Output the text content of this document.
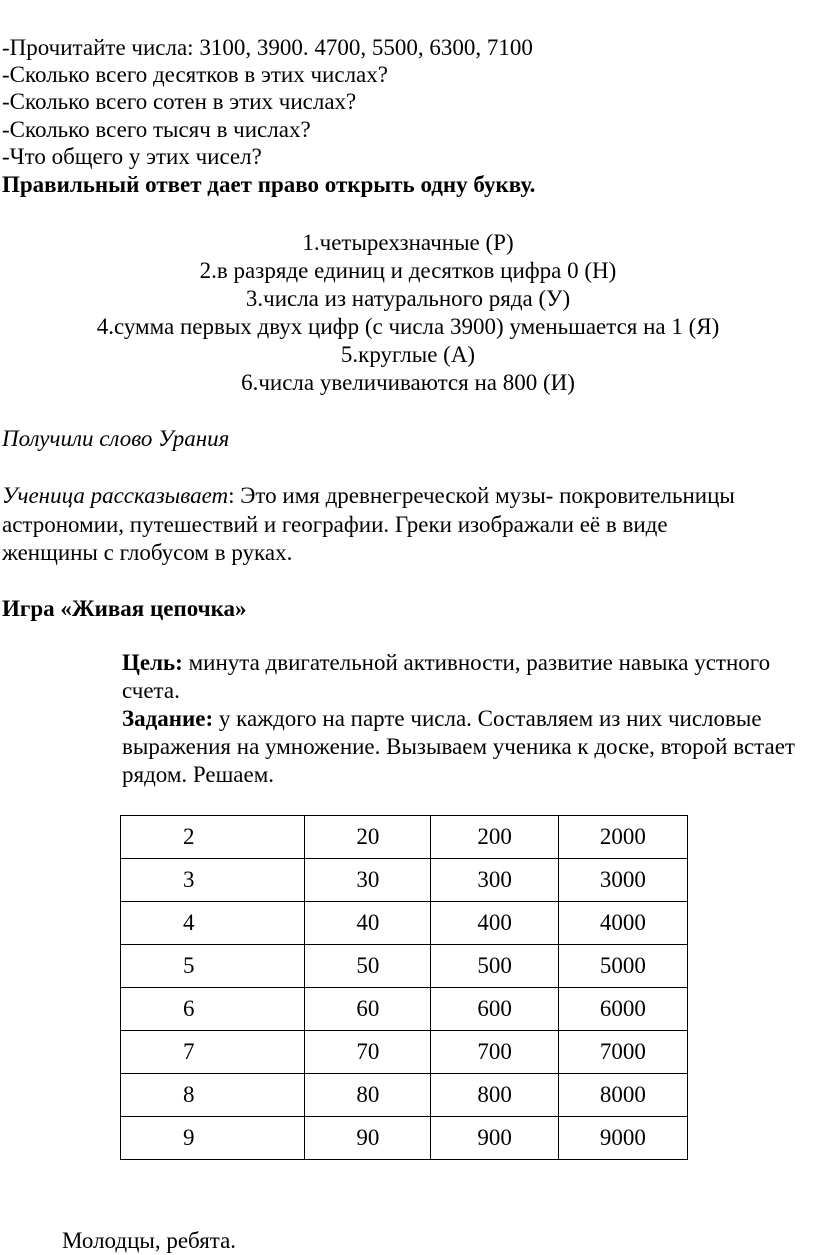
-Прочитайте числа: 3100, 3900. 4700, 5500, 6300, 7100
-Сколько всего десятков в этих числах?
-Сколько всего сотен в этих числах?
-Сколько всего тысяч в числах?
-Что общего у этих чисел?
Правильный ответ дает право открыть одну букву.
1.четырехзначные (Р)
2.в разряде единиц и десятков цифра 0 (Н)
3.числа из натурального ряда (У)
4.сумма первых двух цифр (с числа 3900) уменьшается на 1 (Я)
5.круглые (А)
6.числа увеличиваются на 800 (И)
Получили слово Урания
Ученица рассказывает: Это имя древнегреческой музы- покровительницы
астрономии, путешествий и географии. Греки изображали её в виде
женщины с глобусом в руках.
Игра «Живая цепочка»
Цель: минута двигательной активности, развитие навыка устного счета.
Задание: у каждого на парте числа. Составляем из них числовые выражения на умножение. Вызываем ученика к доске, второй встает рядом. Решаем.
2	20	200	2000
3	30	300	3000
4	40	400	4000
5	50	500	5000
6	60	600	6000
7	70	700	7000
8	80	800	8000
9	90	900	9000
Молодцы, ребята.
